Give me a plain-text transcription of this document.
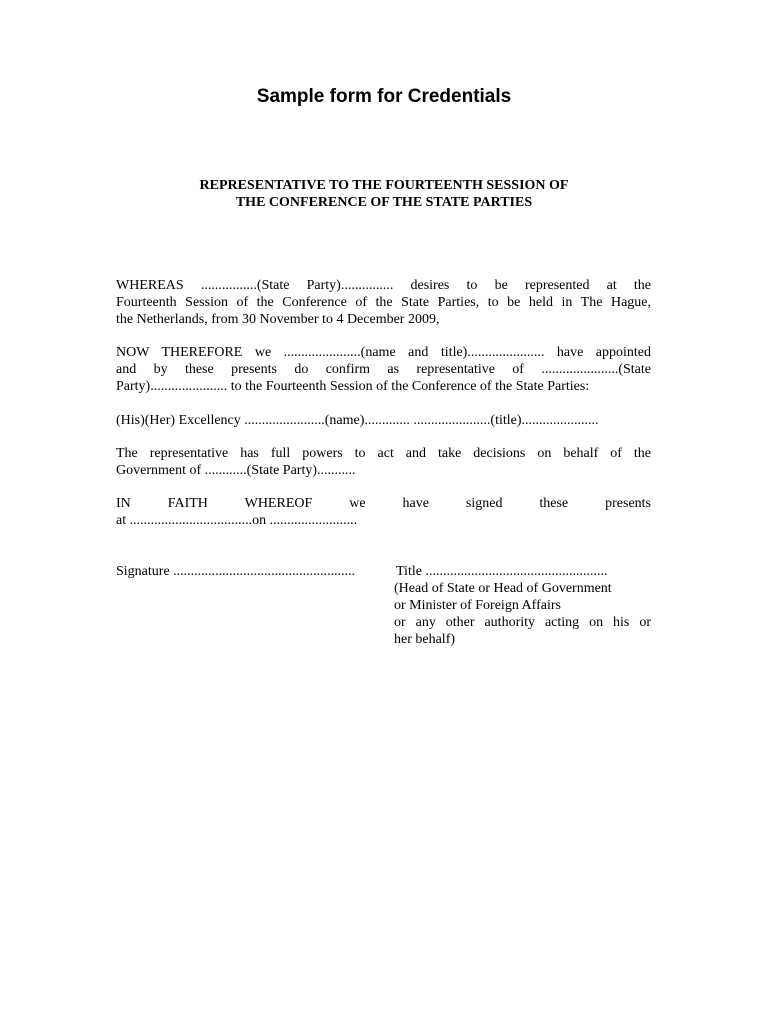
Sample form for Credentials
REPRESENTATIVE TO THE FOURTEENTH SESSION OF
THE CONFERENCE OF THE STATE PARTIES
WHEREAS ................(State Party)............... desires to be represented at the
Fourteenth Session of the Conference of the State Parties, to be held in The Hague,
the Netherlands, from 30 November to 4 December 2009,
NOW THEREFORE we ......................(name and title)...................... have appointed
and by these presents do confirm as representative of ......................(State
Party)...................... to the Fourteenth Session of the Conference of the State Parties:
(His)(Her) Excellency .......................(name)............. ......................(title)......................
The representative has full powers to act and take decisions on behalf of the
Government of ............(State Party)...........
IN FAITH WHEREOF we have signed these presents
at ...................................on .........................
Signature ....................................................	Title ....................................................
(Head of State or Head of Government
or Minister of Foreign Affairs
or any other authority acting on his or
her behalf)
